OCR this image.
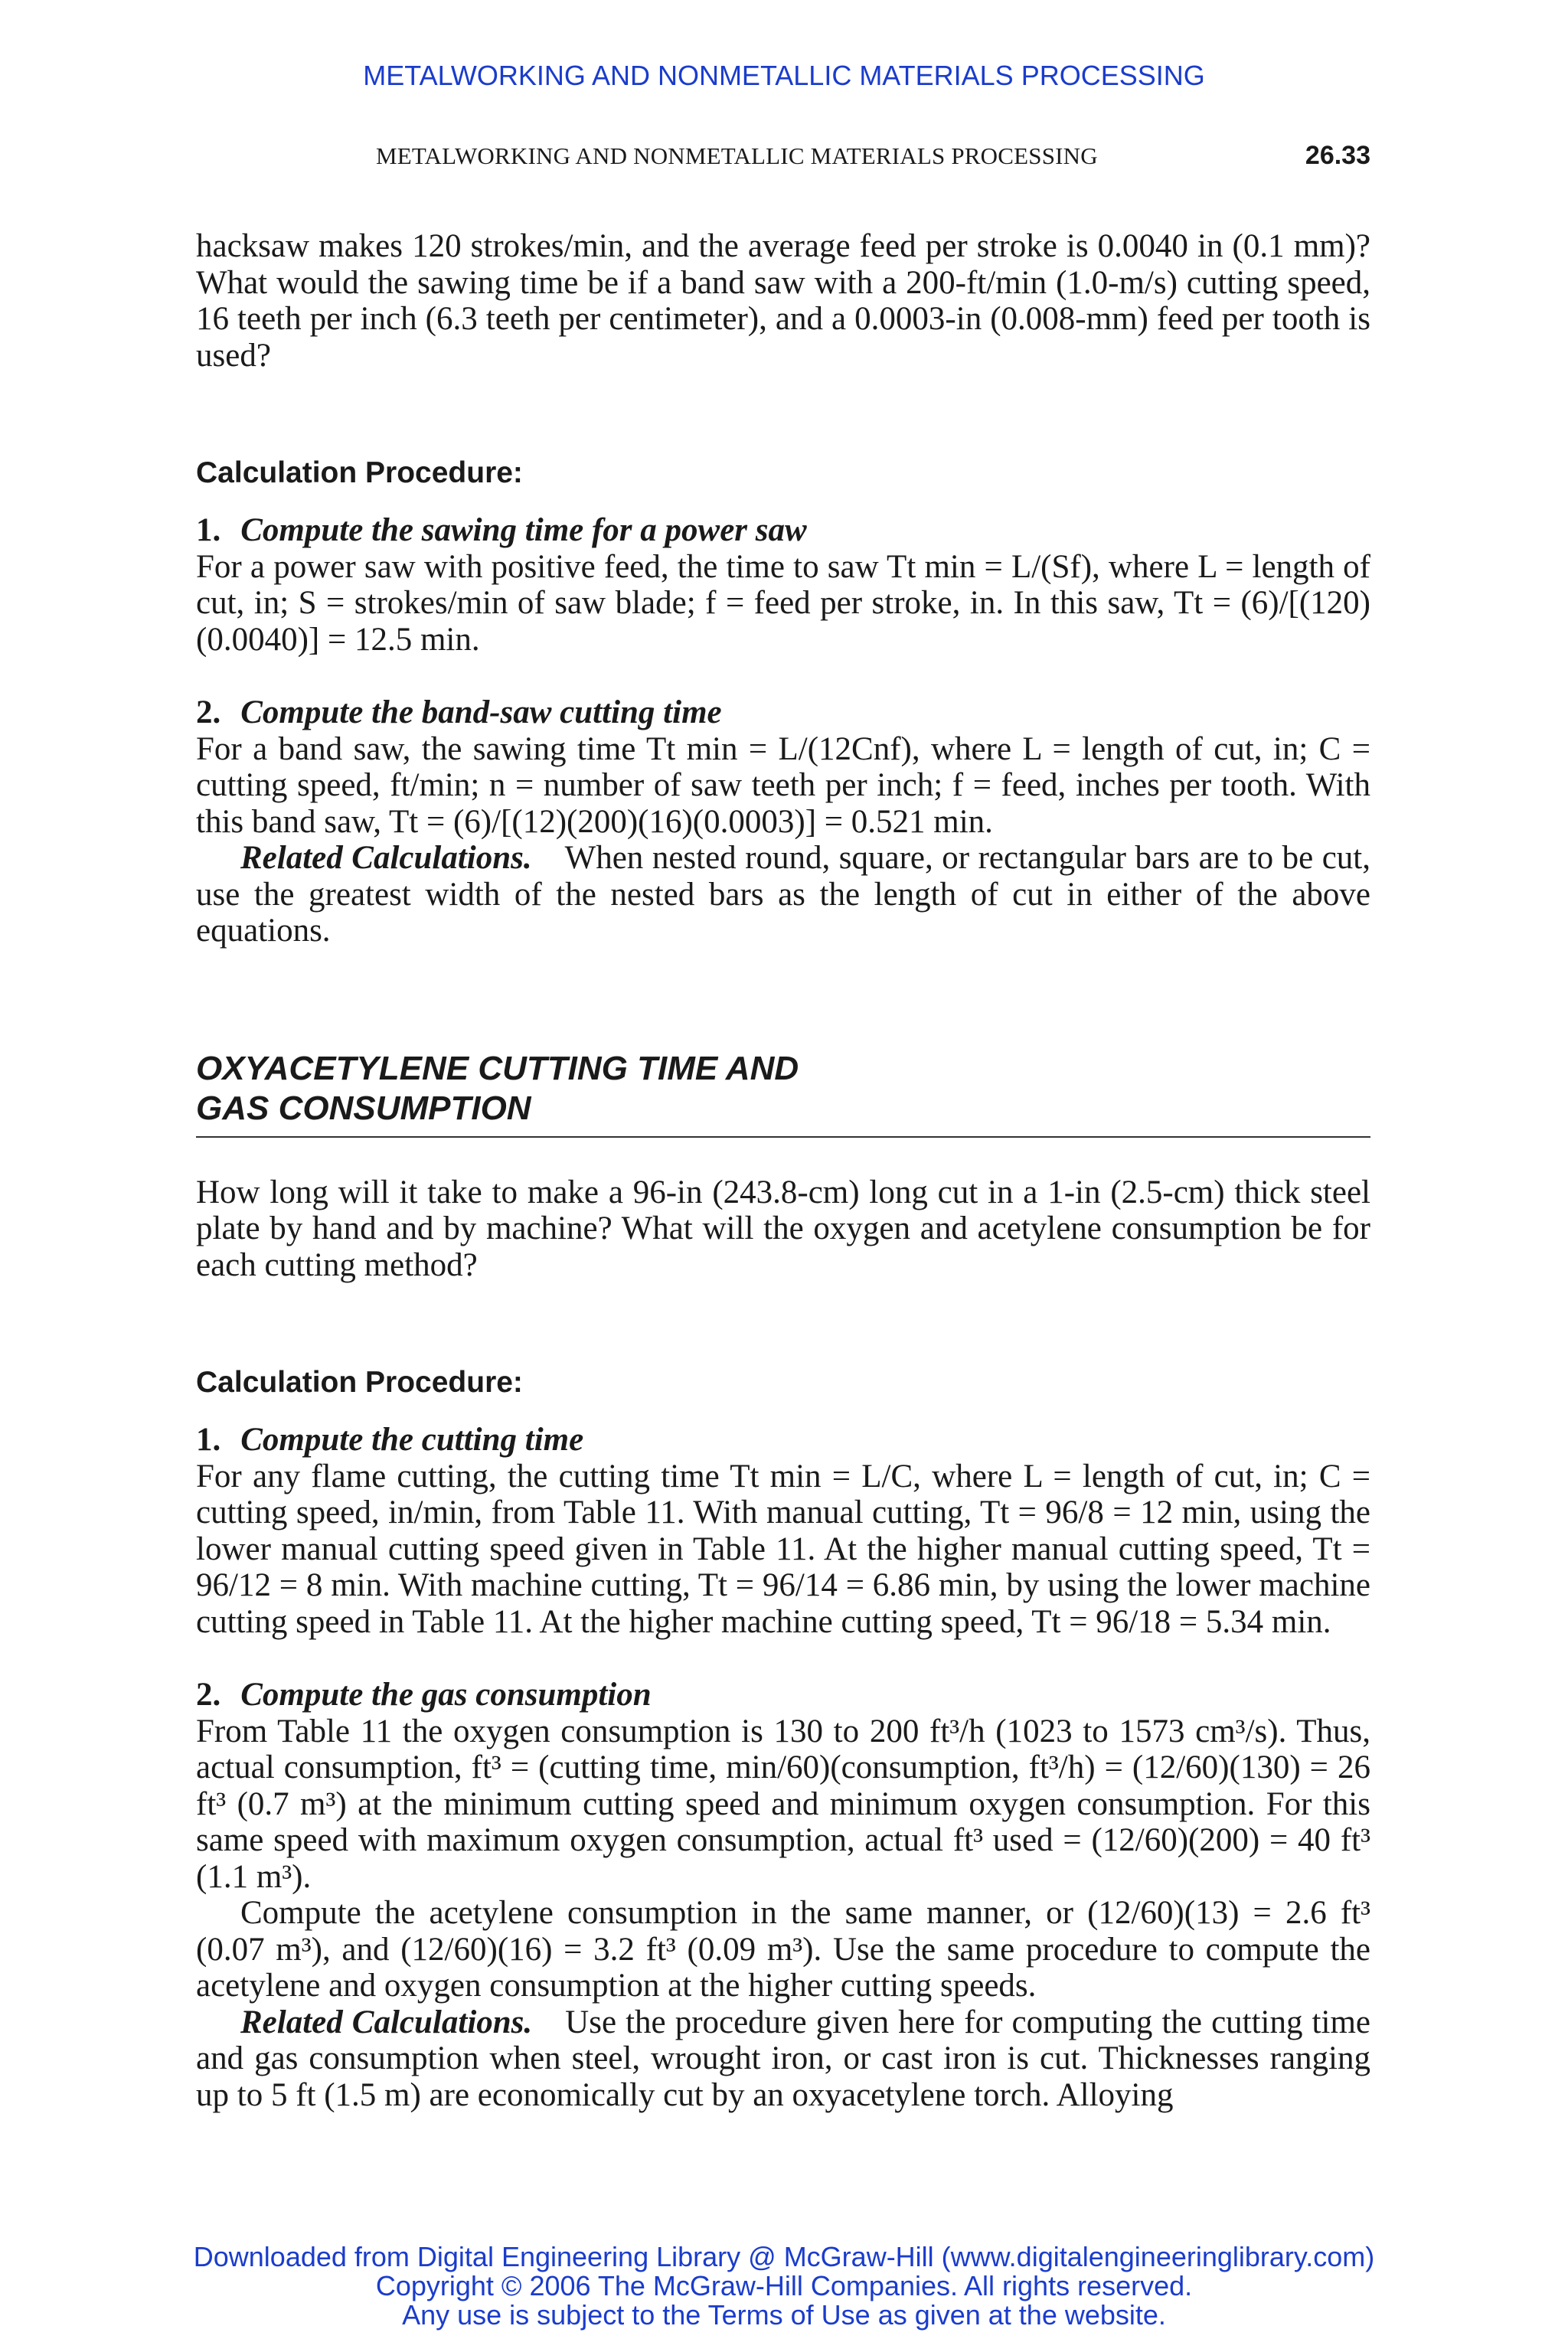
METALWORKING AND NONMETALLIC MATERIALS PROCESSING
METALWORKING AND NONMETALLIC MATERIALS PROCESSING	26.33

hacksaw makes 120 strokes/min, and the average feed per stroke is 0.0040 in (0.1 mm)? What would the sawing time be if a band saw with a 200-ft/min (1.0-m/s) cutting speed, 16 teeth per inch (6.3 teeth per centimeter), and a 0.0003-in (0.008-mm) feed per tooth is used?

Calculation Procedure:
1. Compute the sawing time for a power saw

For a power saw with positive feed, the time to saw Tt min = L/(Sf), where L = length of cut, in; S = strokes/min of saw blade; f = feed per stroke, in. In this saw, Tt = (6)/[(120)(0.0040)] = 12.5 min.

2. Compute the band-saw cutting time

For a band saw, the sawing time Tt min = L/(12Cnf), where L = length of cut, in; C = cutting speed, ft/min; n = number of saw teeth per inch; f = feed, inches per tooth. With this band saw, Tt = (6)/[(12)(200)(16)(0.0003)] = 0.521 min.

Related Calculations.  When nested round, square, or rectangular bars are to be cut, use the greatest width of the nested bars as the length of cut in either of the above equations.

OXYACETYLENE CUTTING TIME AND
GAS CONSUMPTION

How long will it take to make a 96-in (243.8-cm) long cut in a 1-in (2.5-cm) thick steel plate by hand and by machine? What will the oxygen and acetylene consumption be for each cutting method?

Calculation Procedure:
1. Compute the cutting time

For any flame cutting, the cutting time Tt min = L/C, where L = length of cut, in; C = cutting speed, in/min, from Table 11. With manual cutting, Tt = 96/8 = 12 min, using the lower manual cutting speed given in Table 11. At the higher manual cutting speed, Tt = 96/12 = 8 min. With machine cutting, Tt = 96/14 = 6.86 min, by using the lower machine cutting speed in Table 11. At the higher machine cutting speed, Tt = 96/18 = 5.34 min.

2. Compute the gas consumption

From Table 11 the oxygen consumption is 130 to 200 ft³/h (1023 to 1573 cm³/s). Thus, actual consumption, ft³ = (cutting time, min/60)(consumption, ft³/h) = (12/60)(130) = 26 ft³ (0.7 m³) at the minimum cutting speed and minimum oxygen consumption. For this same speed with maximum oxygen consumption, actual ft³ used = (12/60)(200) = 40 ft³ (1.1 m³).

Compute the acetylene consumption in the same manner, or (12/60)(13) = 2.6 ft³ (0.07 m³), and (12/60)(16) = 3.2 ft³ (0.09 m³). Use the same procedure to compute the acetylene and oxygen consumption at the higher cutting speeds.

Related Calculations.  Use the procedure given here for computing the cutting time and gas consumption when steel, wrought iron, or cast iron is cut. Thicknesses ranging up to 5 ft (1.5 m) are economically cut by an oxyacetylene torch. Alloying

Downloaded from Digital Engineering Library @ McGraw-Hill (www.digitalengineeringlibrary.com)
Copyright © 2006 The McGraw-Hill Companies. All rights reserved.
Any use is subject to the Terms of Use as given at the website.
